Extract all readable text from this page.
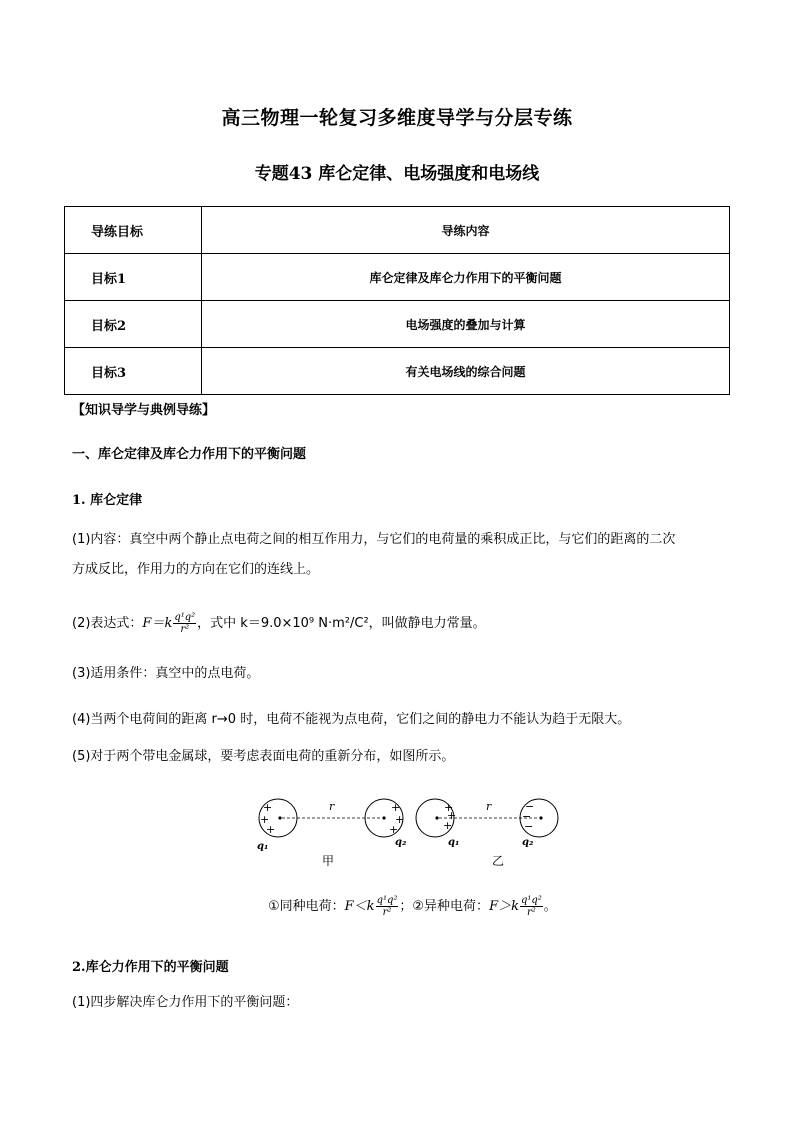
高三物理一轮复习多维度导学与分层专练
专题43 库仑定律、电场强度和电场线
导练目标	导练内容
目标1	库仑定律及库仑力作用下的平衡问题
目标2	电场强度的叠加与计算
目标3	有关电场线的综合问题
【知识导学与典例导练】
一、库仑定律及库仑力作用下的平衡问题
1. 库仑定律
(1)内容：真空中两个静止点电荷之间的相互作用力，与它们的电荷量的乘积成正比，与它们的距离的二次
方成反比，作用力的方向在它们的连线上。
(2)表达式：$F=k \frac{\text{q¹q²}}{\text{r²}}$ ，式中 k＝9.0×10⁹ N·m²/C²，叫做静电力常量。
(3)适用条件：真空中的点电荷。
(4)当两个电荷间的距离 r→0 时，电荷不能视为点电荷，它们之间的静电力不能认为趋于无限大。
(5)对于两个带电金属球，要考虑表面电荷的重新分布，如图所示。
+
+
+
r	+
+
+
q₁	q₂
甲
+
+
+
r	−
−
−
q₁	q₂
乙
①同种电荷：$F<k \frac{\text{q¹q²}}{\text{r²}}$ ；②异种电荷：$F>k \frac{\text{q¹q²}}{\text{r²}}$ 。
2.库仑力作用下的平衡问题
(1)四步解决库仑力作用下的平衡问题：
